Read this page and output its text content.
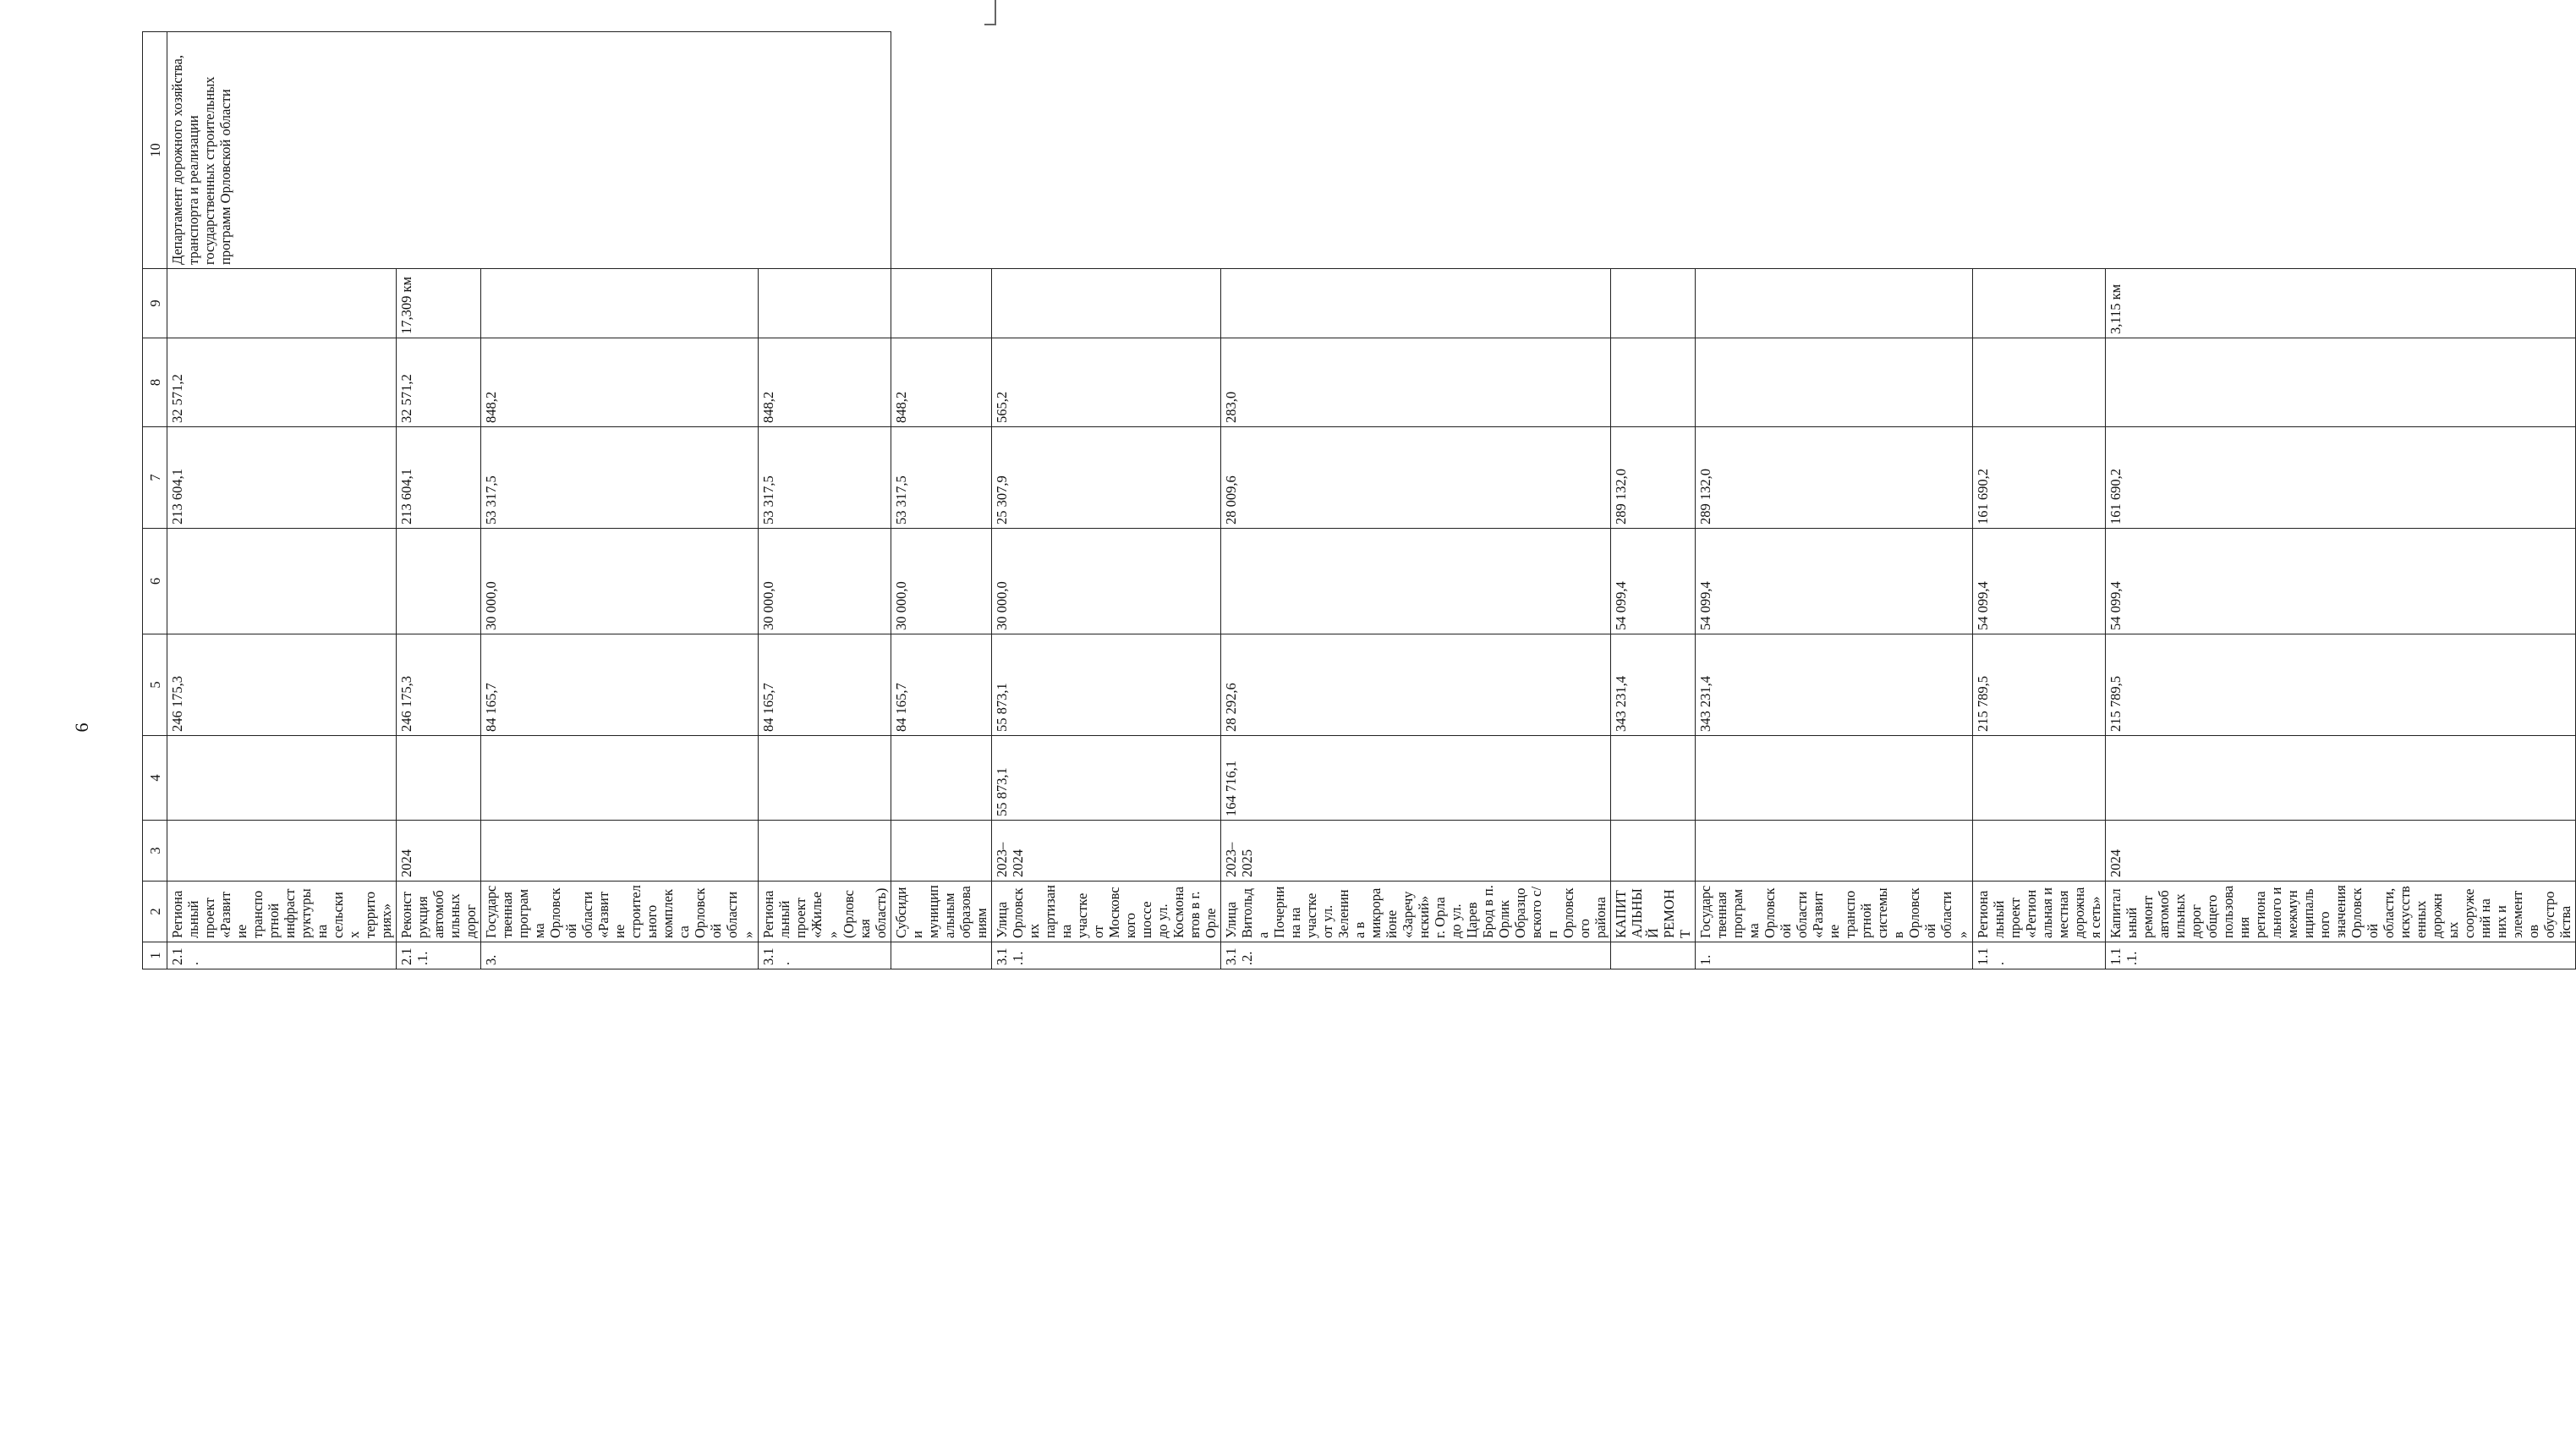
6
1	2	3	4	5	6	7	8	9	10
2.1.	Региональный проект «Развитие транспортной инфраструктуры на сельских территориях»			246 175,3		213 604,1	32 571,2		Департамент дорожного хозяйства, транспорта и реализации государственных строительных программ Орловской области
2.1.1.	Реконструкция автомобильных дорог	2024		246 175,3		213 604,1	32 571,2	17,309 км	
3.	Государственная программа Орловской области «Развитие строительного комплекса Орловской области»			84 165,7	30 000,0	53 317,5	848,2		
3.1.	Региональный проект «Жилье» (Орловская область)			84 165,7	30 000,0	53 317,5	848,2		
	Субсидии муниципальным образованиям			84 165,7	30 000,0	53 317,5	848,2		
3.1.1.	Улица Орловских партизан на участке от Московского шоссе до ул. Космонавтов в г. Орле	2023–2024	55 873,1	55 873,1	30 000,0	25 307,9	565,2		
3.1.2.	Улица Витольда Почернина на участке от ул. Зеленина в микрорайоне «Заречунский» г. Орла до ул. Царев Брод в п. Орлик Образцовского с/п Орловского района	2023–2025	164 716,1	28 292,6		28 009,6	283,0		
	КАПИТАЛЬНЫЙ РЕМОНТ			343 231,4	54 099,4	289 132,0			
1.	Государственная программа Орловской области «Развитие транспортной системы в Орловской области»			343 231,4	54 099,4	289 132,0			
1.1.	Региональный проект «Региональная и местная дорожная сеть»			215 789,5	54 099,4	161 690,2			
1.1.1.	Капитальный ремонт автомобильных дорог общего пользования регионального и межмуниципального значения Орловской области, искусственных дорожных сооружений на них и элементов обустройства	2024		215 789,5	54 099,4	161 690,2		3,115 км	
